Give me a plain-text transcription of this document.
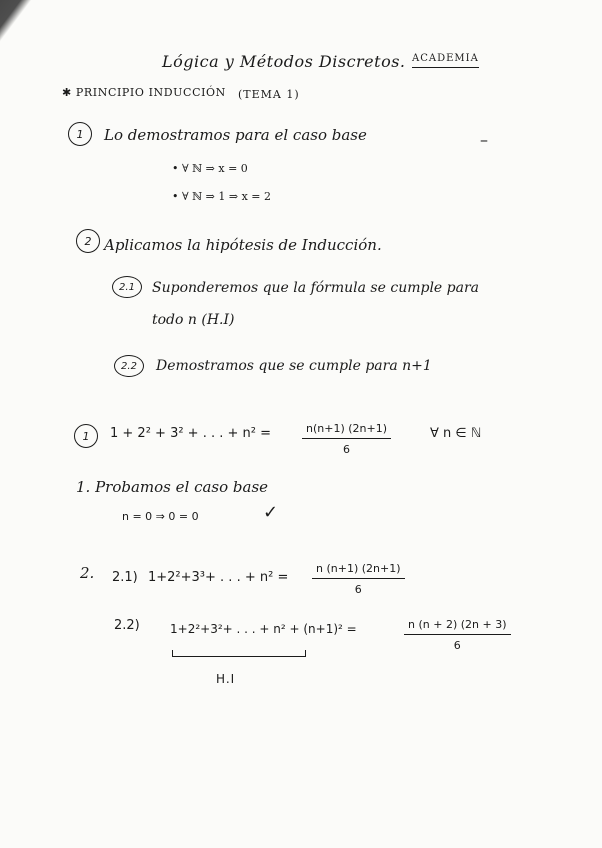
Lógica y Métodos Discretos. ACADEMIA
✱ PRINCIPIO INDUCCIÓN (TEMA 1)
–
1 Lo demostramos para el caso base
• ∀ ℕ ⇒ x = 0
• ∀ ℕ ⇒ 1 ⇒ x = 2
2 Aplicamos la hipótesis de Inducción.
2.1 Suponderemos que la fórmula se cumple para
todo n (H.I)
2.2 Demostramos que se cumple para n+1
1 1 + 2² + 3² + . . . + n² =	$\frac{n(n+1) (2n+1)}{6}$	∀ n ∈ ℕ
1. Probamos el caso base
n = 0 ⇒ 0 = 0	✓
2. 2.1) 1+2²+3³+ . . . + $n^2 = \frac{n (n+1) (2n+1)}{6}$
2.2)	1+2²+3²+ . . . + n² + (n+1)² =	$\frac{n (n + 2) (2n + 3)}{6}$
H.I
